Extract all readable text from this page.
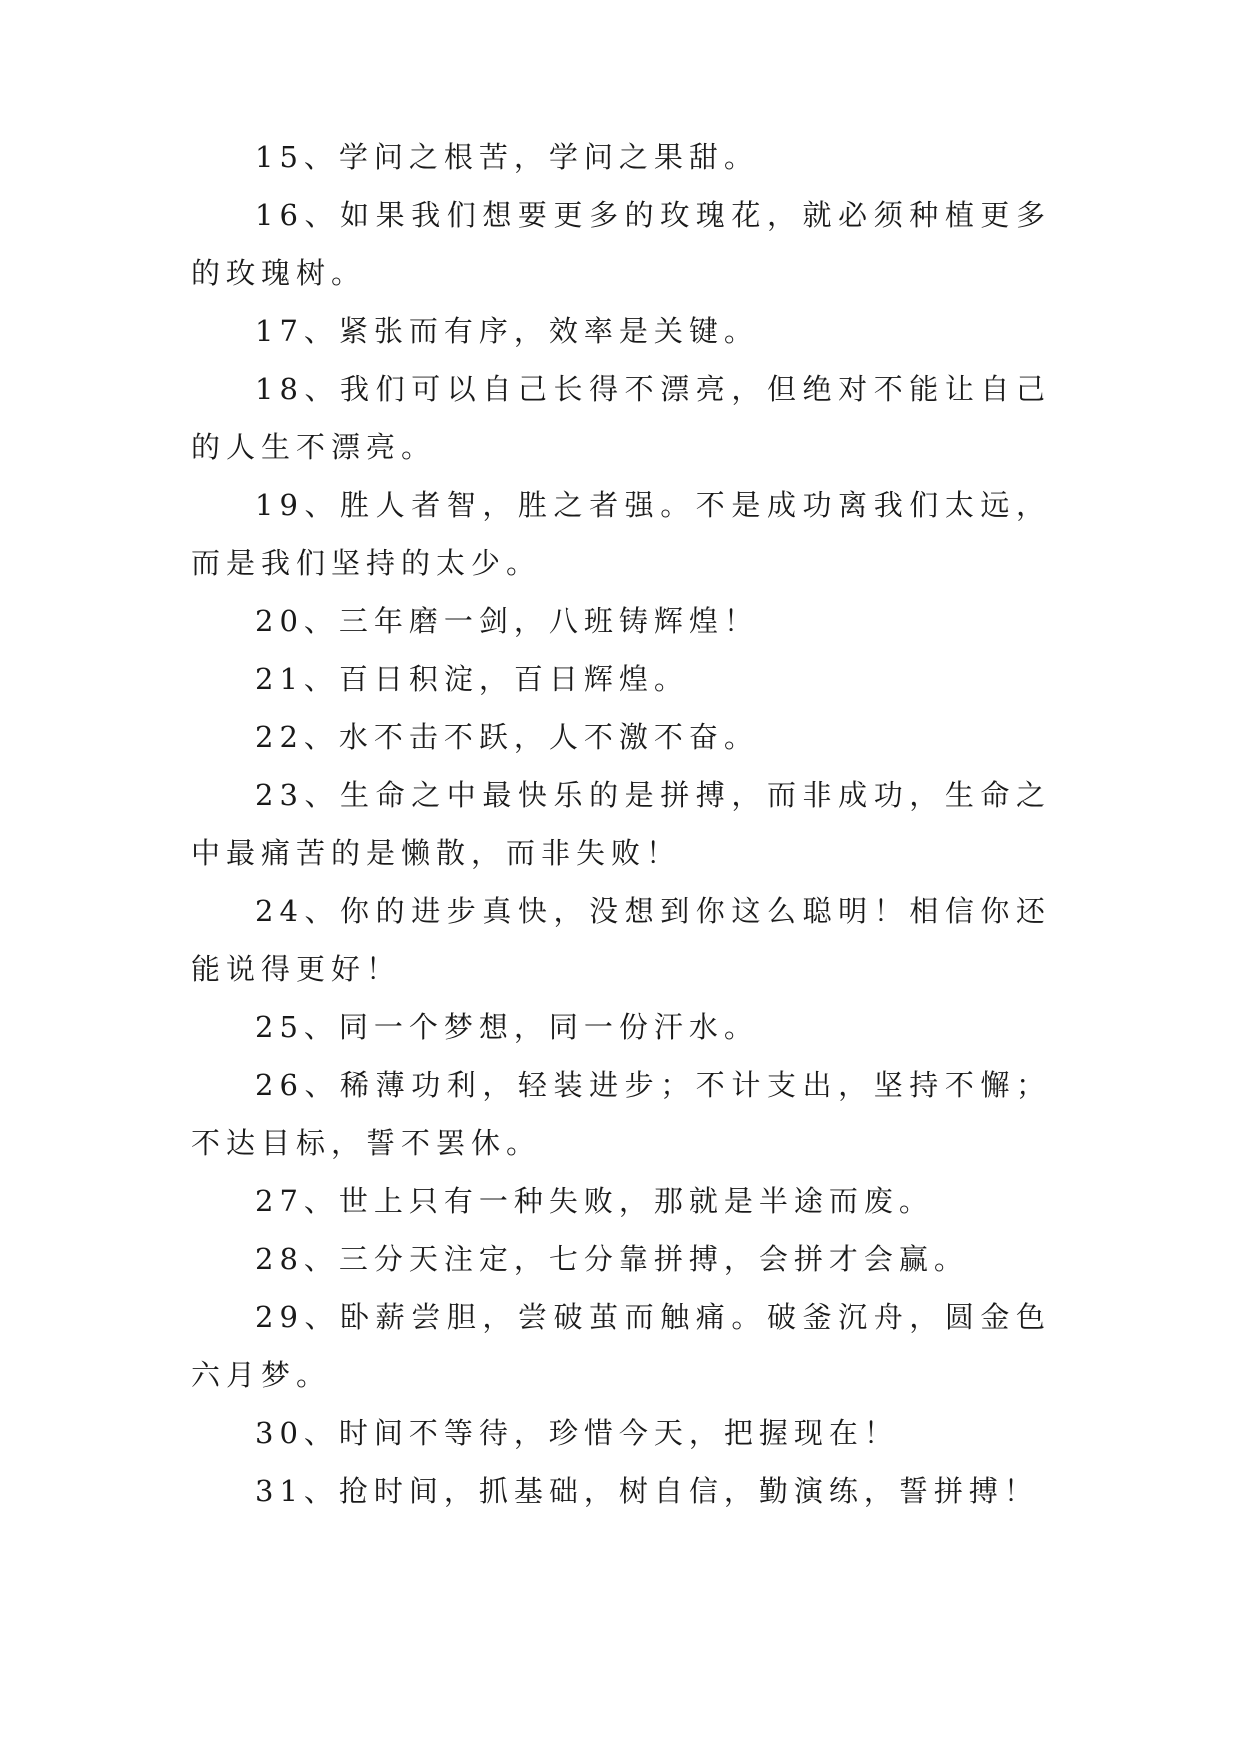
15、学问之根苦，学问之果甜。

16、如果我们想要更多的玫瑰花，就必须种植更多的玫瑰树。

17、紧张而有序，效率是关键。

18、我们可以自己长得不漂亮，但绝对不能让自己的人生不漂亮。

19、胜人者智，胜之者强。不是成功离我们太远，而是我们坚持的太少。

20、三年磨一剑，八班铸辉煌！

21、百日积淀，百日辉煌。

22、水不击不跃，人不激不奋。

23、生命之中最快乐的是拼搏，而非成功，生命之中最痛苦的是懒散，而非失败！

24、你的进步真快，没想到你这么聪明！相信你还能说得更好！

25、同一个梦想，同一份汗水。

26、稀薄功利，轻装进步；不计支出，坚持不懈；不达目标，誓不罢休。

27、世上只有一种失败，那就是半途而废。

28、三分天注定，七分靠拼搏，会拼才会赢。

29、卧薪尝胆，尝破茧而触痛。破釜沉舟，圆金色六月梦。

30、时间不等待，珍惜今天，把握现在！

31、抢时间，抓基础，树自信，勤演练，誓拼搏！
